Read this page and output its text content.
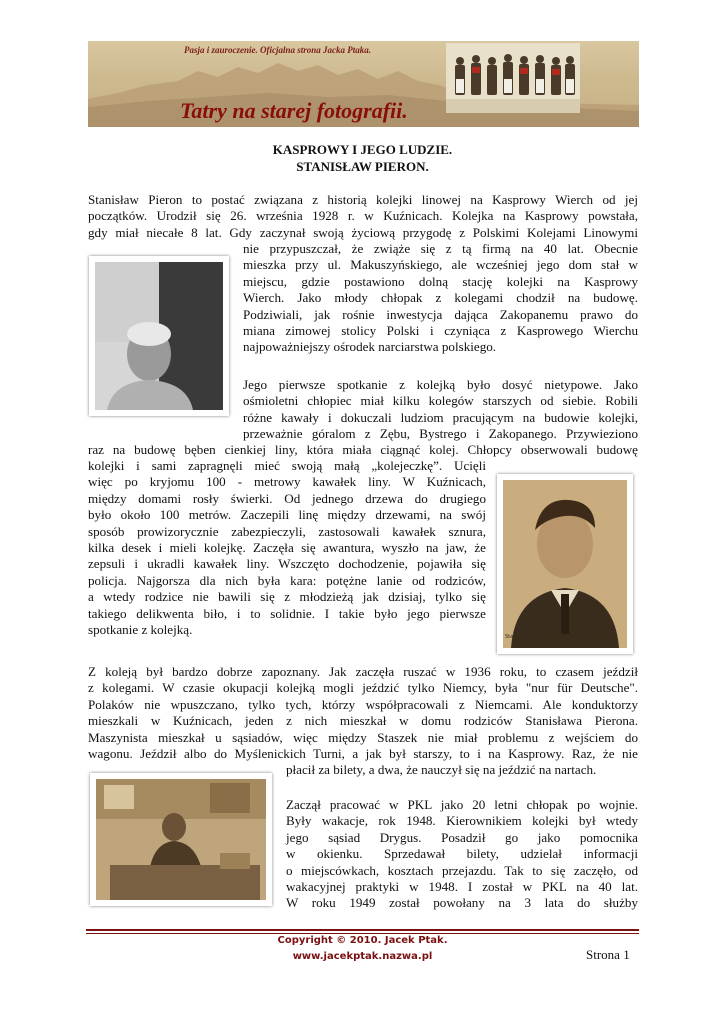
Pasja i zauroczenie. Oficjalna strona Jacka Ptaka.
Tatry na starej fotografii.
KASPROWY I JEGO LUDZIE.
STANISŁAW PIERON.
Stanisław Pieron to postać związana z historią kolejki linowej na Kasprowy Wierch od jej
początków. Urodził się 26. września 1928 r. w Kuźnicach. Kolejka na Kasprowy powstała,
gdy miał niecałe 8 lat. Gdy zaczynał swoją życiową przygodę z Polskimi Kolejami Linowymi
nie przypuszczał, że zwiąże się z tą firmą na 40 lat. Obecnie
mieszka przy ul. Makuszyńskiego, ale wcześniej jego dom stał w
miejscu, gdzie postawiono dolną stację kolejki na Kasprowy
Wierch. Jako młody chłopak z kolegami chodził na budowę.
Podziwiali, jak rośnie inwestycja dająca Zakopanemu prawo do
miana zimowej stolicy Polski i czyniąca z Kasprowego Wierchu
najpoważniejszy ośrodek narciarstwa polskiego.
Jego pierwsze spotkanie z kolejką było dosyć nietypowe. Jako
ośmioletni chłopiec miał kilku kolegów starszych od siebie. Robili
różne kawały i dokuczali ludziom pracującym na budowie kolejki,
przeważnie góralom z Zębu, Bystrego i Zakopanego. Przywieziono
raz na budowę bęben cienkiej liny, która miała ciągnąć kolej. Chłopcy obserwowali budowę
kolejki i sami zapragnęli mieć swoją małą „kolejeczkę”. Ucięli
więc po kryjomu 100 - metrowy kawałek liny. W Kuźnicach,
między domami rosły świerki. Od jednego drzewa do drugiego
było około 100 metrów. Zaczepili linę między drzewami, na swój
sposób prowizorycznie zabezpieczyli, zastosowali kawałek sznura,
kilka desek i mieli kolejkę. Zaczęła się awantura, wyszło na jaw, że
zepsuli i ukradli kawałek liny. Wszczęto dochodzenie, pojawiła się
policja. Najgorsza dla nich była kara: potężne lanie od rodziców,
a wtedy rodzice nie bawili się z młodzieżą jak dzisiaj, tylko się
takiego delikwenta biło, i to solidnie. I takie było jego pierwsze
spotkanie z kolejką.	Stanisław Pieron podczas służby wojskowej
Z koleją był bardzo dobrze zapoznany. Jak zaczęła ruszać w 1936 roku, to czasem jeździł
z kolegami. W czasie okupacji kolejką mogli jeździć tylko Niemcy, była "nur für Deutsche".
Polaków nie wpuszczano, tylko tych, którzy współpracowali z Niemcami. Ale konduktorzy
mieszkali w Kuźnicach, jeden z nich mieszkał w domu rodziców Stanisława Pierona.
Maszynista mieszkał u sąsiadów, więc między Staszek nie miał problemu z wejściem do
wagonu. Jeździł albo do Myślenickich Turni, a jak był starszy, to i na Kasprowy. Raz, że nie
płacił za bilety, a dwa, że nauczył się na jeździć na nartach.
Zaczął pracować w PKL jako 20 letni chłopak po wojnie.
Były wakacje, rok 1948. Kierownikiem kolejki był wtedy
jego sąsiad Drygus. Posadził go jako pomocnika
w okienku. Sprzedawał bilety, udzielał informacji
o miejscówkach, kosztach przejazdu. Tak to się zaczęło, od
wakacyjnej praktyki w 1948. I został w PKL na 40 lat.
W roku 1949 został powołany na 3 lata do służby
Copyright © 2010. Jacek Ptak.
www.jacekptak.nazwa.pl	Strona 1
